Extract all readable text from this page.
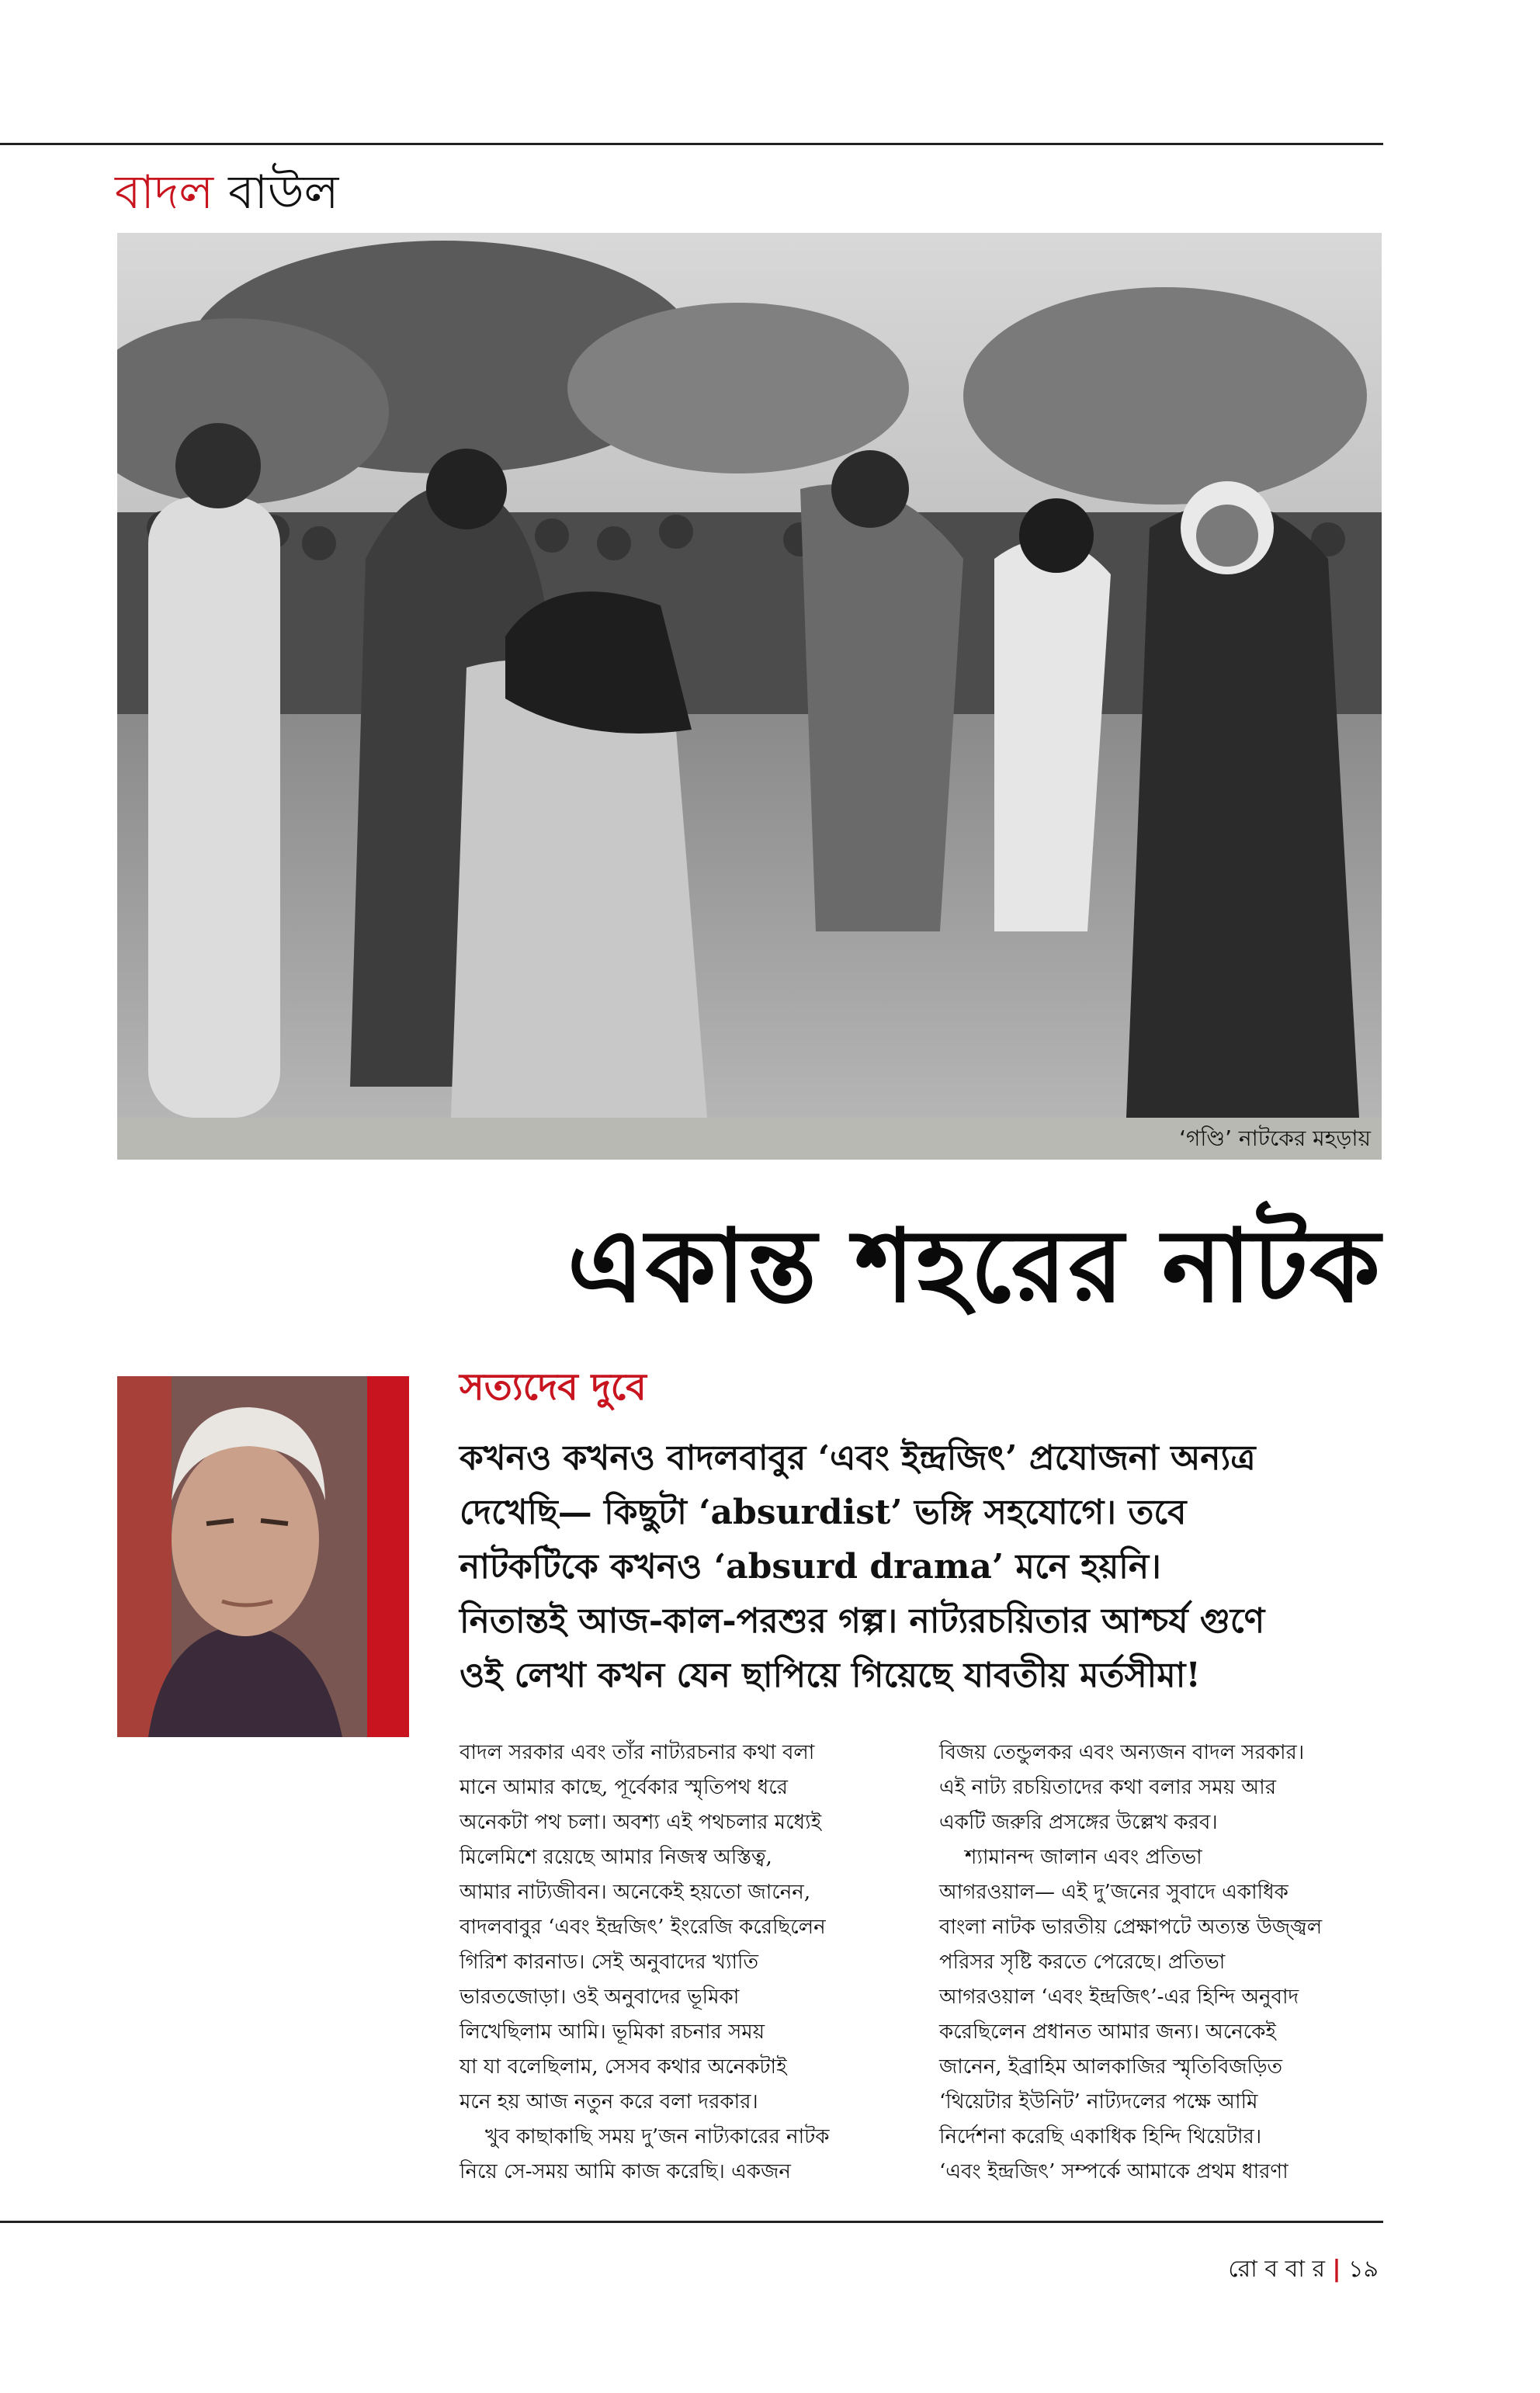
বাদল বাউল
‘গণ্ডি’ নাটকের মহড়ায়
একান্ত শহরের নাটক
সত্যদেব দুবে

কখনও কখনও বাদলবাবুর ‘এবং ইন্দ্রজিৎ’ প্রযোজনা অন্যত্র

দেখেছি— কিছুটা ‘absurdist’ ভঙ্গি সহযোগে। তবে

নাটকটিকে কখনও ‘absurd drama’ মনে হয়নি।

নিতান্তই আজ-কাল-পরশুর গল্প। নাট্যরচয়িতার আশ্চর্য গুণে

ওই লেখা কখন যেন ছাপিয়ে গিয়েছে যাবতীয় মর্তসীমা!

বাদল সরকার এবং তাঁর নাট্যরচনার কথা বলা

মানে আমার কাছে, পূর্বেকার স্মৃতিপথ ধরে

অনেকটা পথ চলা। অবশ্য এই পথচলার মধ্যেই

মিলেমিশে রয়েছে আমার নিজস্ব অস্তিত্ব,

আমার নাট্যজীবন। অনেকেই হয়তো জানেন,

বাদলবাবুর ‘এবং ইন্দ্রজিৎ’ ইংরেজি করেছিলেন

গিরিশ কারনাড। সেই অনুবাদের খ্যাতি

ভারতজোড়া। ওই অনুবাদের ভূমিকা

লিখেছিলাম আমি। ভূমিকা রচনার সময়

যা যা বলেছিলাম, সেসব কথার অনেকটাই

মনে হয় আজ নতুন করে বলা দরকার।

খুব কাছাকাছি সময় দু’জন নাট্যকারের নাটক

নিয়ে সে-সময় আমি কাজ করেছি। একজন

বিজয় তেন্ডুলকর এবং অন্যজন বাদল সরকার।

এই নাট্য রচয়িতাদের কথা বলার সময় আর

একটি জরুরি প্রসঙ্গের উল্লেখ করব।

শ্যামানন্দ জালান এবং প্রতিভা

আগরওয়াল— এই দু’জনের সুবাদে একাধিক

বাংলা নাটক ভারতীয় প্রেক্ষাপটে অত্যন্ত উজ্জ্বল

পরিসর সৃষ্টি করতে পেরেছে। প্রতিভা

আগরওয়াল ‘এবং ইন্দ্রজিৎ’-এর হিন্দি অনুবাদ

করেছিলেন প্রধানত আমার জন্য। অনেকেই

জানেন, ইব্রাহিম আলকাজির স্মৃতিবিজড়িত

‘থিয়েটার ইউনিট’ নাট্যদলের পক্ষে আমি

নির্দেশনা করেছি একাধিক হিন্দি থিয়েটার।

‘এবং ইন্দ্রজিৎ’ সম্পর্কে আমাকে প্রথম ধারণা

রো ব বা র | ১৯
